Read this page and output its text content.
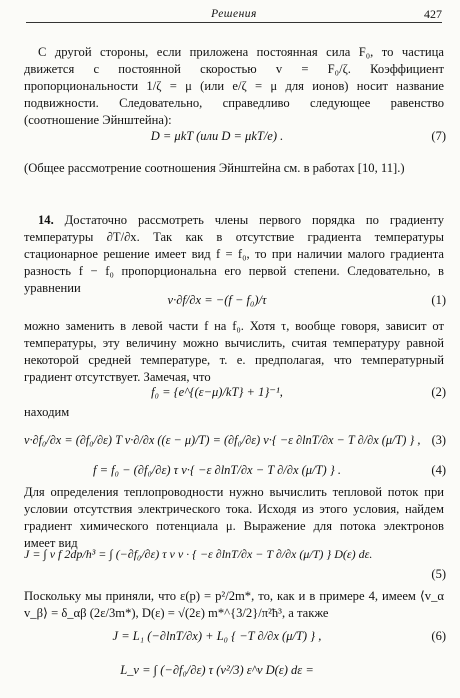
Решения	427
С другой стороны, если приложена постоянная сила F₀, то частица движется с постоянной скоростью v = F₀/ζ. Коэффициент пропорциональности 1/ζ = μ (или e/ζ = μ для ионов) носит название подвижности. Следовательно, справедливо следующее равенство (соотношение Эйнштейна):
D = μkT (или D = μkT/e) .	(7)
(Общее рассмотрение соотношения Эйнштейна см. в работах [10, 11].)
14. Достаточно рассмотреть члены первого порядка по градиенту температуры ∂T/∂x. Так как в отсутствие градиента температуры стационарное решение имеет вид f = f₀, то при наличии малого градиента разность f − f₀ пропорциональна его первой степени. Следовательно, в уравнении
v·∂f/∂x = −(f − f₀)/τ	(1)
можно заменить в левой части f на f₀. Хотя τ, вообще говоря, зависит от температуры, эту величину можно вычислить, считая температуру равной некоторой средней температуре, т. е. предполагая, что температурный градиент отсутствует. Замечая, что
f₀ = {e^{(ε−μ)/kT} + 1}⁻¹,	(2)
находим
v·∂f₀/∂x = (∂f₀/∂ε) T v·∂/∂x ((ε − μ)/T) = (∂f₀/∂ε) v·{ −ε ∂lnT/∂x − T ∂/∂x (μ/T) } , (3)
f = f₀ − (∂f₀/∂ε) τ v·{ −ε ∂lnT/∂x − T ∂/∂x (μ/T) } .	(4)
Для определения теплопроводности нужно вычислить тепловой поток при условии отсутствия электрического тока. Исходя из этого условия, найдем градиент химического потенциала μ. Выражение для потока электронов имеет вид
J = ∫ v f 2dp/h³ = ∫ (−∂f₀/∂ε) τ v v · { −ε ∂lnT/∂x − T ∂/∂x (μ/T) } D(ε) dε.
(5)
Поскольку мы приняли, что ε(p) = p²/2m*, то, как и в примере 4, имеем ⟨v_α v_β⟩ = δ_αβ (2ε/3m*), D(ε) = √(2ε) m*^{3/2}/π²ħ³, а также
J = L₁ (−∂lnT/∂x) + L₀ { −T ∂/∂x (μ/T) } ,	(6)
L_ν = ∫ (−∂f₀/∂ε) τ (v²/3) ε^ν D(ε) dε =
